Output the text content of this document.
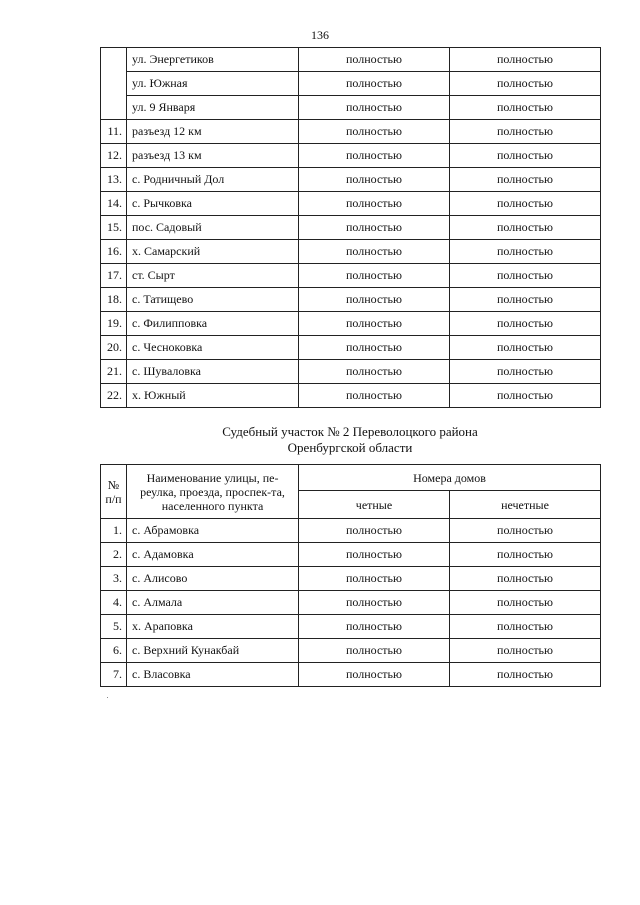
136
	ул. Энергетиков	полностью	полностью
	ул. Южная	полностью	полностью
	ул. 9 Января	полностью	полностью
11.	разъезд 12 км	полностью	полностью
12.	разъезд 13 км	полностью	полностью
13.	с. Родничный Дол	полностью	полностью
14.	с. Рычковка	полностью	полностью
15.	пос. Садовый	полностью	полностью
16.	х. Самарский	полностью	полностью
17.	ст. Сырт	полностью	полностью
18.	с. Татищево	полностью	полностью
19.	с. Филипповка	полностью	полностью
20.	с. Чесноковка	полностью	полностью
21.	с. Шуваловка	полностью	полностью
22.	х. Южный	полностью	полностью
Судебный участок № 2 Переволоцкого района
Оренбургской области
№ п/п	Наименование улицы, пе-реулка, проезда, проспек-та, населенного пункта	Номера домов	
		четные	нечетные
1.	с. Абрамовка	полностью	полностью
2.	с. Адамовка	полностью	полностью
3.	с. Алисово	полностью	полностью
4.	с. Алмала	полностью	полностью
5.	х. Араповка	полностью	полностью
6.	с. Верхний Кунакбай	полностью	полностью
7.	с. Власовка	полностью	полностью
